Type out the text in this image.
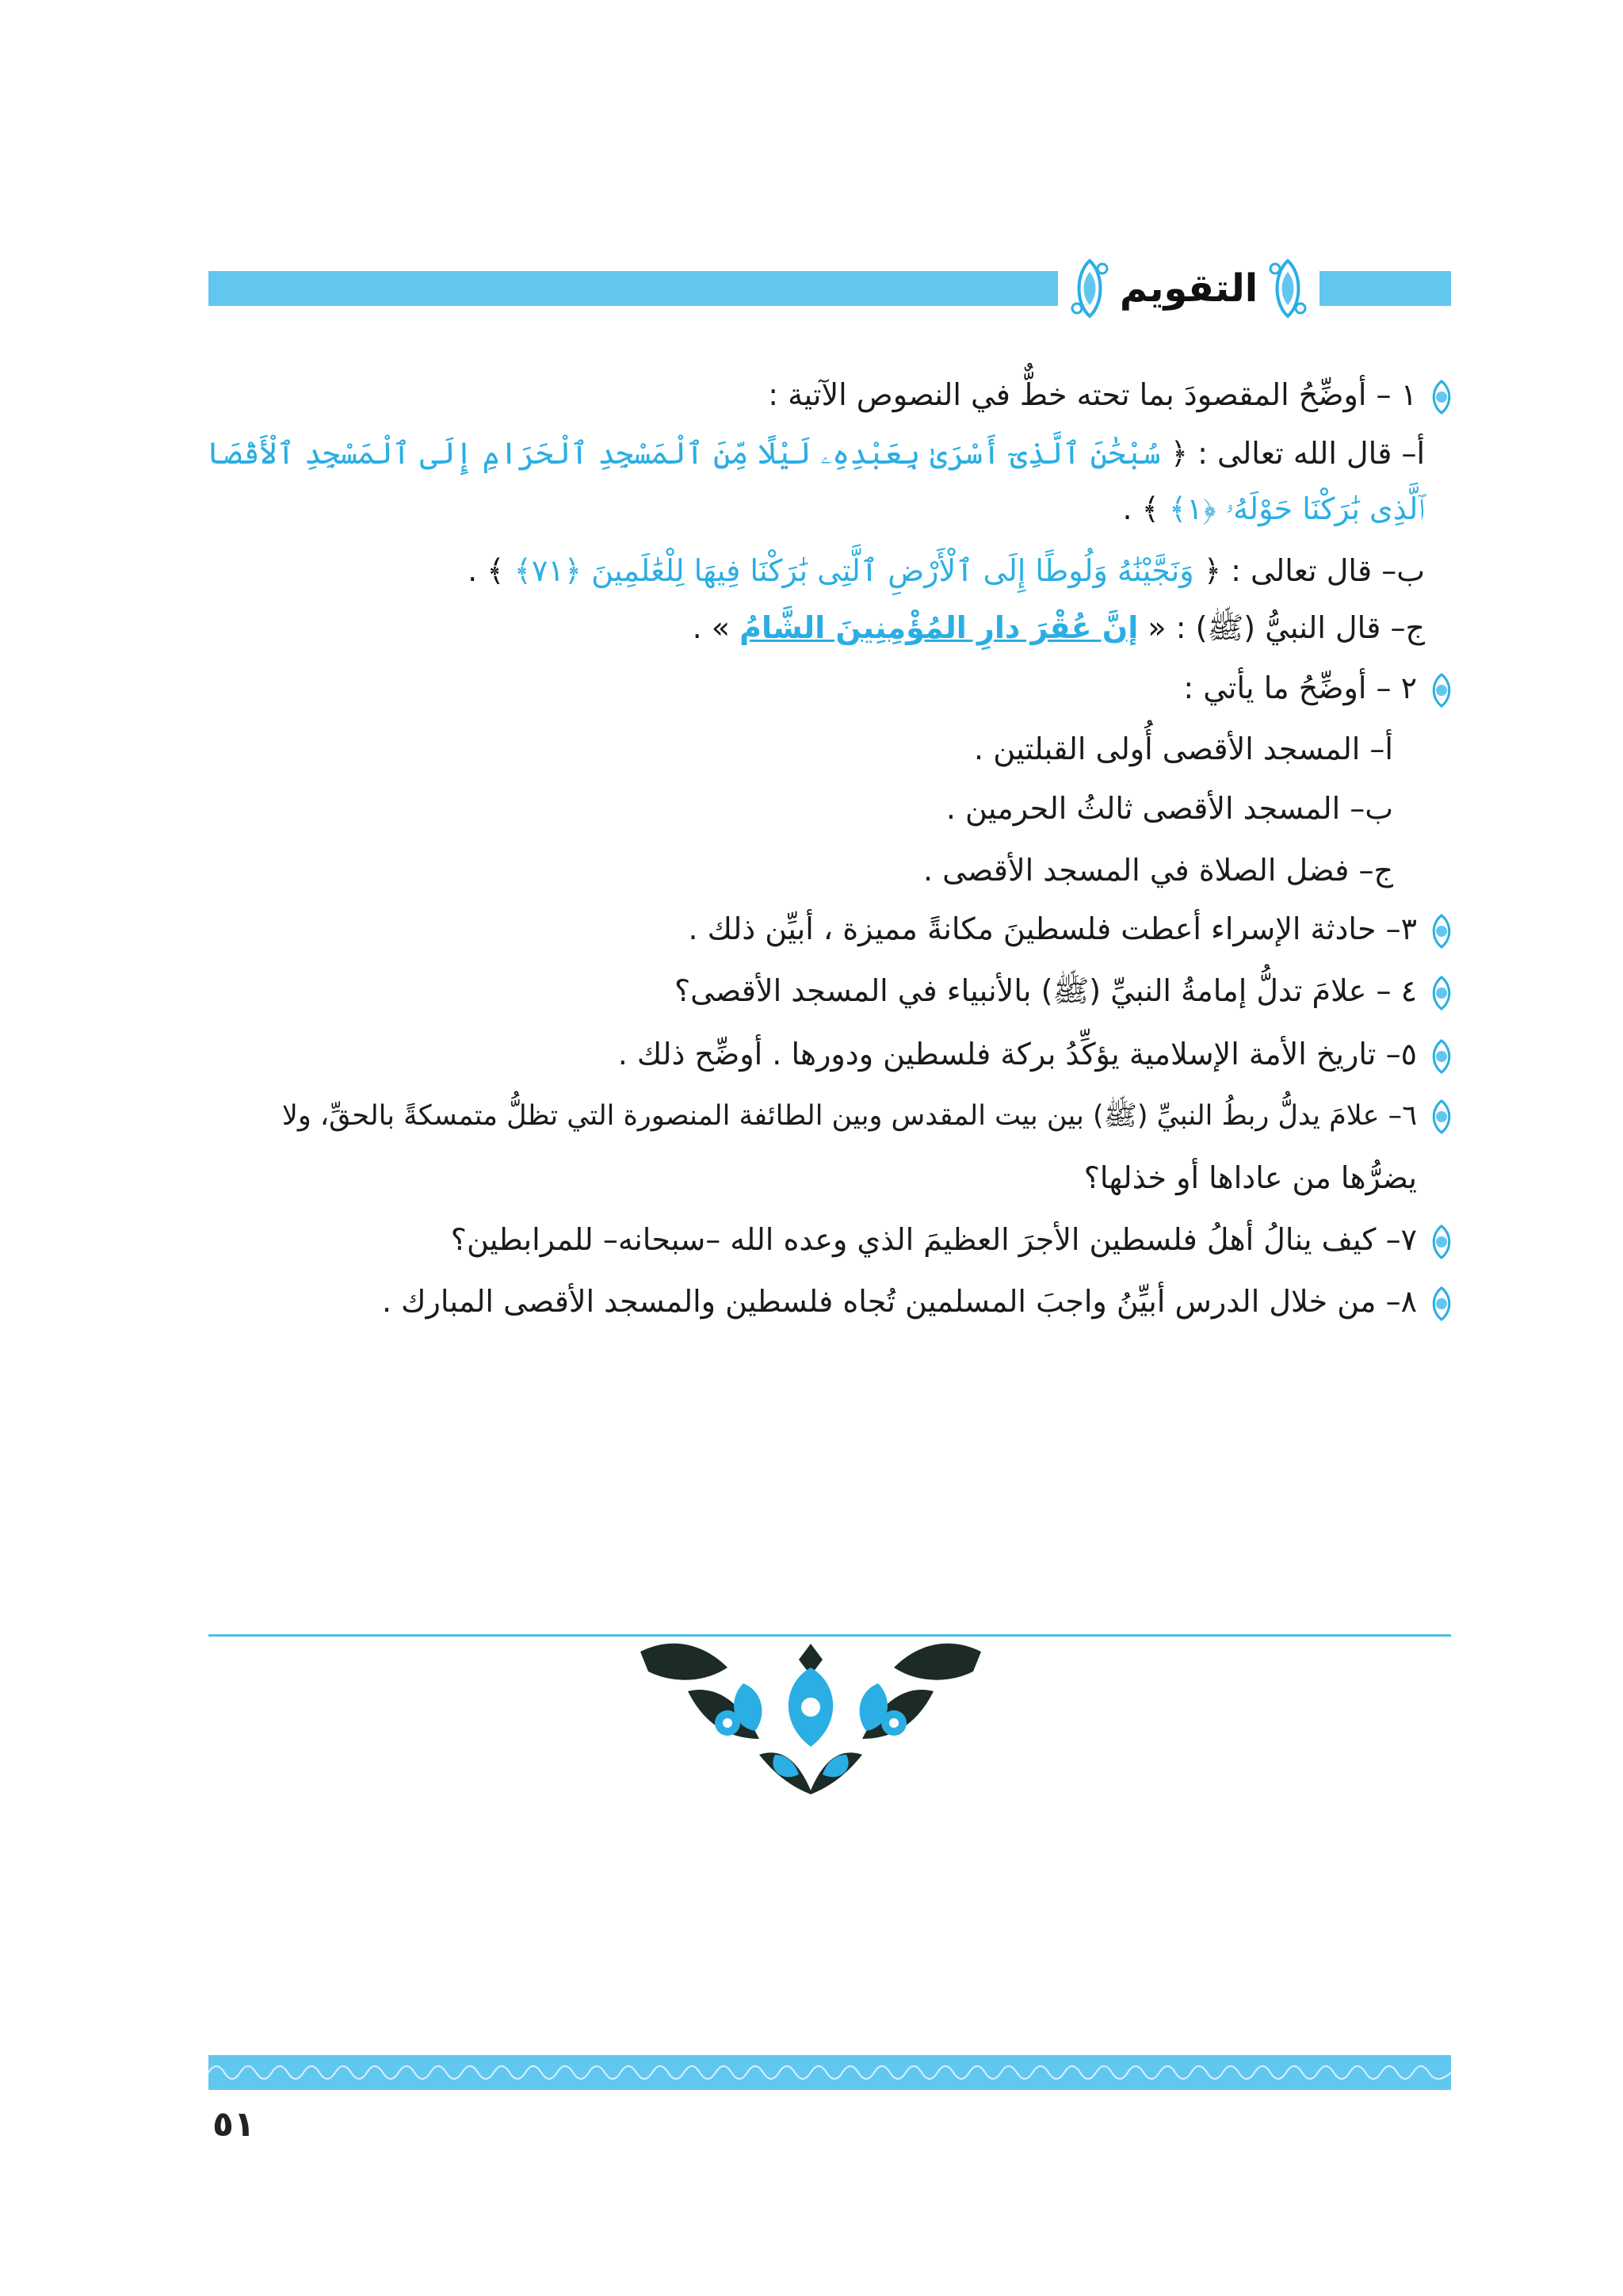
التقويم
١ – أوضِّحُ المقصودَ بما تحته خطٌّ في النصوص الآتية :
أ– قال الله تعالى : ﴿ سُبْحَٰنَ ٱلَّذِىٓ أَسْرَىٰ بِعَبْدِهِۦ لَيْلًا مِّنَ ٱلْمَسْجِدِ ٱلْحَرَامِ إِلَى ٱلْمَسْجِدِ ٱلْأَقْصَا
ٱلَّذِى بَٰرَكْنَا حَوْلَهُۥ ﴿١﴾ ﴾ .
ب– قال تعالى : ﴿ وَنَجَّيْنَٰهُ وَلُوطًا إِلَى ٱلْأَرْضِ ٱلَّتِى بَٰرَكْنَا فِيهَا لِلْعَٰلَمِينَ ﴿٧١﴾ ﴾ .
ج– قال النبيُّ (ﷺ) : « إنَّ عُقْرَ دارِ المُؤْمِنِينَ الشَّامُ » .
٢ – أوضِّحُ ما يأتي :
أ– المسجد الأقصى أُولى القبلتين .
ب– المسجد الأقصى ثالثُ الحرمين .
ج– فضل الصلاة في المسجد الأقصى .
٣– حادثة الإسراء أعطت فلسطينَ مكانةً مميزة ، أبيِّن ذلك .
٤ – علامَ تدلُّ إمامةُ النبيِّ (ﷺ) بالأنبياء في المسجد الأقصى؟
٥– تاريخ الأمة الإسلامية يؤكِّدُ بركة فلسطين ودورها . أوضِّح ذلك .
٦– علامَ يدلُّ ربطُ النبيِّ (ﷺ) بين بيت المقدس وبين الطائفة المنصورة التي تظلُّ متمسكةً بالحقِّ، ولا
يضرُّها من عاداها أو خذلها؟
٧– كيف ينالُ أهلُ فلسطين الأجرَ العظيمَ الذي وعده الله –سبحانه– للمرابطين؟
٨– من خلال الدرس أبيِّنُ واجبَ المسلمين تُجاه فلسطين والمسجد الأقصى المبارك .
٥١
